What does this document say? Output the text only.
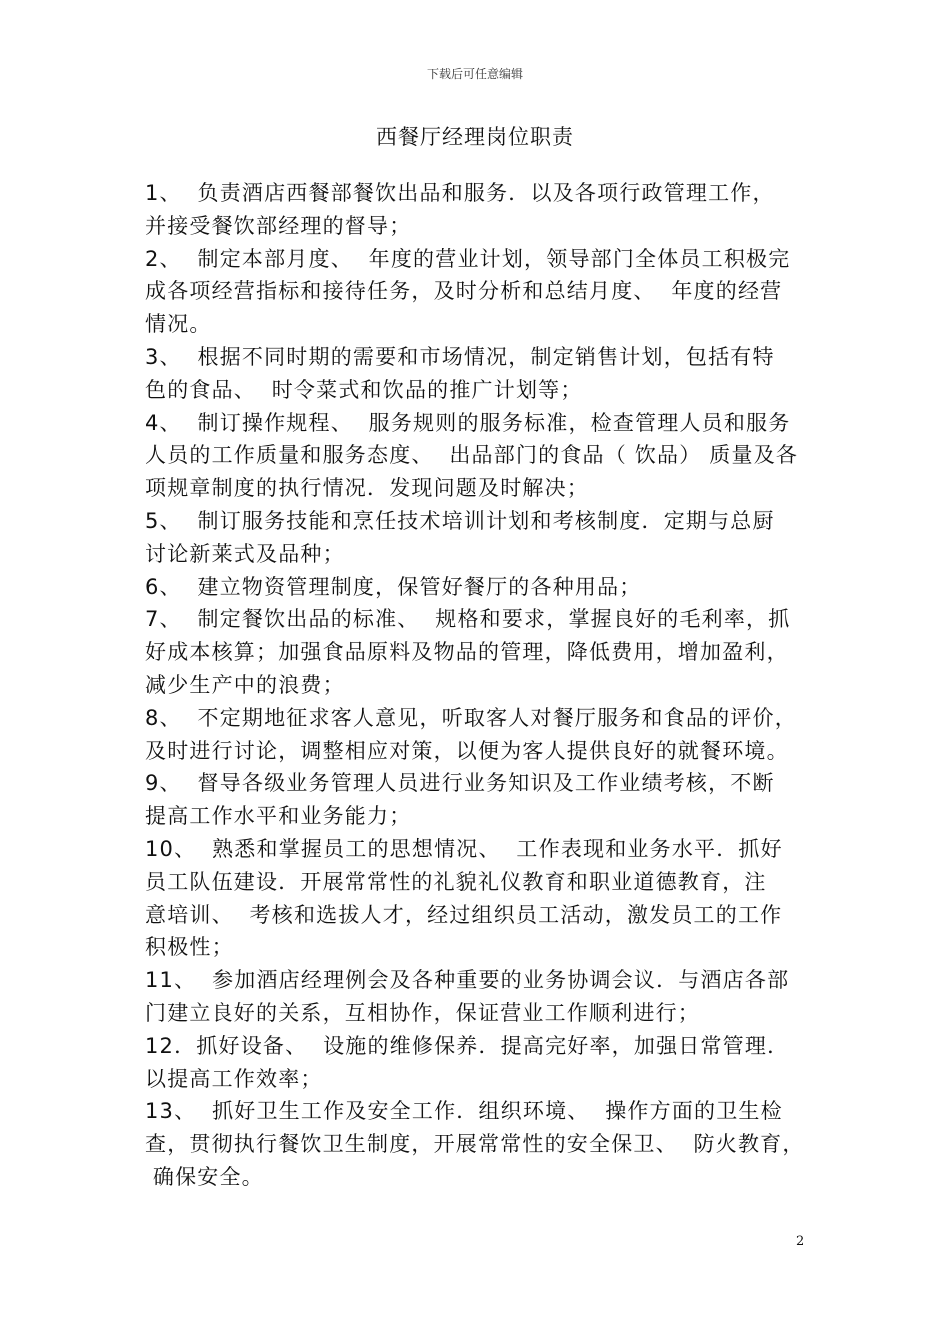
下载后可任意编辑
西餐厅经理岗位职责
1、  负责酒店西餐部餐饮出品和服务．以及各项行政管理工作，
并接受餐饮部经理的督导；
2、  制定本部月度、  年度的营业计划，领导部门全体员工积极完
成各项经营指标和接待任务，及时分析和总结月度、  年度的经营
情况。
3、  根据不同时期的需要和市场情况，制定销售计划，包括有特
色的食品、  时令菜式和饮品的推广计划等；
4、  制订操作规程、  服务规则的服务标准，检查管理人员和服务
人员的工作质量和服务态度、  出品部门的食品（ 饮品） 质量及各
项规章制度的执行情况．发现问题及时解决；
5、  制订服务技能和烹任技术培训计划和考核制度．定期与总厨
讨论新莱式及品种；
6、  建立物资管理制度，保管好餐厅的各种用品；
7、  制定餐饮出品的标准、  规格和要求，掌握良好的毛利率，抓
好成本核算；加强食品原料及物品的管理，降低费用，增加盈利，
减少生产中的浪费；
8、  不定期地征求客人意见，听取客人对餐厅服务和食品的评价，
及时进行讨论，调整相应对策，以便为客人提供良好的就餐环境。
9、  督导各级业务管理人员进行业务知识及工作业绩考核，不断
提高工作水平和业务能力；
10、  熟悉和掌握员工的思想情况、  工作表现和业务水平．抓好
员工队伍建设．开展常常性的礼貌礼仪教育和职业道德教育，注
意培训、  考核和选拔人才，经过组织员工活动，激发员工的工作
积极性；
11、  参加酒店经理例会及各种重要的业务协调会议．与酒店各部
门建立良好的关系，互相协作，保证营业工作顺利进行；
12．抓好设备、  设施的维修保养．提高完好率，加强日常管理．
以提高工作效率；
13、  抓好卫生工作及安全工作．组织环境、  操作方面的卫生检
查，贯彻执行餐饮卫生制度，开展常常性的安全保卫、  防火教育，
确保安全。
2
